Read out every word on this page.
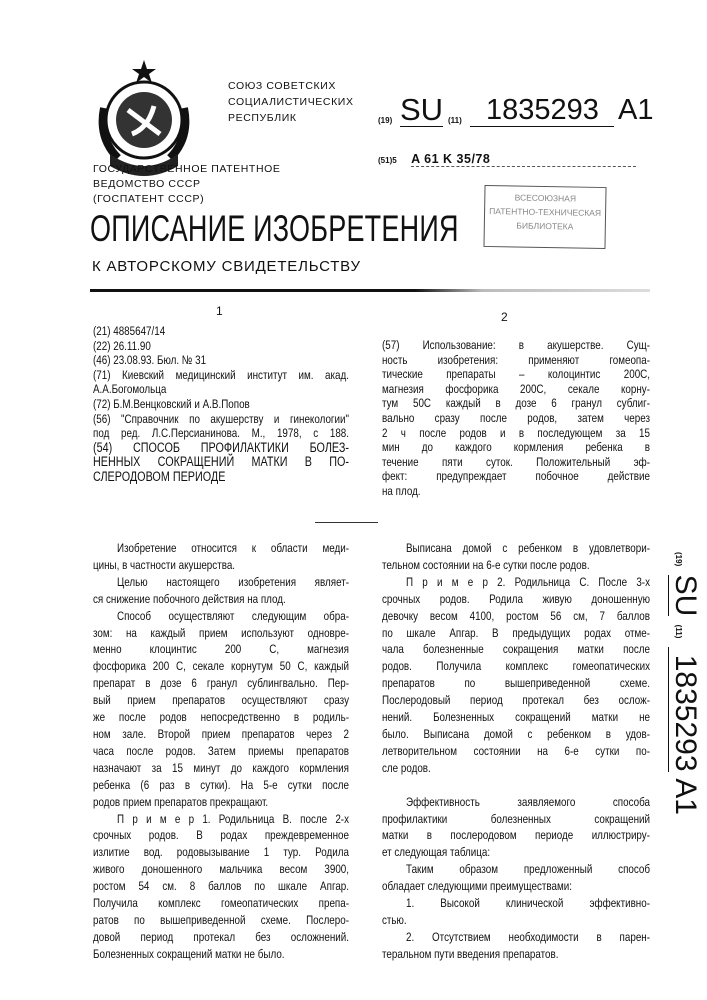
СОЮЗ СОВЕТСКИХ
СОЦИАЛИСТИЧЕСКИХ
РЕСПУБЛИК	(19) SU (11) 1835293 A1
(51)5 A 61 K 35/78
ГОСУДАРСТВЕННОЕ ПАТЕНТНОЕ
ВЕДОМСТВО СССР
(ГОСПАТЕНТ СССР)	ВСЕСОЮЗНАЯ
ПАТЕНТНО-ТЕХНИЧЕСКАЯ
БИБЛИОТЕКА
ОПИСАНИЕ ИЗОБРЕТЕНИЯ
К АВТОРСКОМУ СВИДЕТЕЛЬСТВУ
1	2
(21) 4885647/14
(22) 26.11.90
(46) 23.08.93. Бюл. № 31
(71) Киевский медицинский институт им. акад.
А.А.Богомольца
(72) Б.М.Венцковский и А.В.Попов
(56) "Справочник по акушерству и гинекологии"
под ред. Л.С.Персианинова. М., 1978, с 188.
(54) СПОСОБ ПРОФИЛАКТИКИ БОЛЕЗ-
НЕННЫХ СОКРАЩЕНИЙ МАТКИ В ПО-
СЛЕРОДОВОМ ПЕРИОДЕ
(57) Использование: в акушерстве. Сущ-
ность изобретения: применяют гомеопа-
тические препараты – колоцинтис 200С,
магнезия фосфорика 200С, секале корну-
тум 50С каждый в дозе 6 гранул сублиг-
вально сразу после родов, затем через
2 ч после родов и в последующем за 15
мин до каждого кормления ребенка в
течение пяти суток. Положительный эф-
фект: предупреждает побочное действие
на плод.
Изобретение относится к области меди-
цины, в частности акушерства.
Целью настоящего изобретения являет-
ся снижение побочного действия на плод.
Способ осуществляют следующим обра-
зом: на каждый прием используют одновре-
менно клоцинтис 200 С, магнезия
фосфорика 200 С, секале корнутум 50 С, каждый
препарат в дозе 6 гранул сублингвально. Пер-
вый прием препаратов осуществляют сразу
же после родов непосредственно в родиль-
ном зале. Второй прием препаратов через 2
часа после родов. Затем приемы препаратов
назначают за 15 минут до каждого кормления
ребенка (6 раз в сутки). На 5-е сутки после
родов прием препаратов прекращают.
П р и м е р 1. Родильница В. после 2-х
срочных родов. В родах преждевременное
излитие вод. родовызывание 1 тур. Родила
живого доношенного мальчика весом 3900,
ростом 54 см. 8 баллов по шкале Апгар.
Получила комплекс гомеопатических препа-
ратов по вышеприведенной схеме. Послеро-
довой период протекал без осложнений.
Болезненных сокращений матки не было.
Выписана домой с ребенком в удовлетвори-
тельном состоянии на 6-е сутки после родов.
П р и м е р 2. Родильница С. После 3-х
срочных родов. Родила живую доношенную
девочку весом 4100, ростом 56 см, 7 баллов
по шкале Апгар. В предыдущих родах отме-
чала болезненные сокращения матки после
родов. Получила комплекс гомеопатических
препаратов по вышеприведенной схеме.
Послеродовый период протекал без ослож-
нений. Болезненных сокращений матки не
было. Выписана домой с ребенком в удов-
летворительном состоянии на 6-е сутки по-
сле родов.

Эффективность заявляемого способа
профилактики болезненных сокращений
матки в послеродовом периоде иллюстриру-
ет следующая таблица:
Таким образом предложенный способ
обладает следующими преимуществами:
1. Высокой клинической эффективно-
стью.
2. Отсутствием необходимости в парен-
теральном пути введения препаратов.
(19) SU (11) 1835293 A1
